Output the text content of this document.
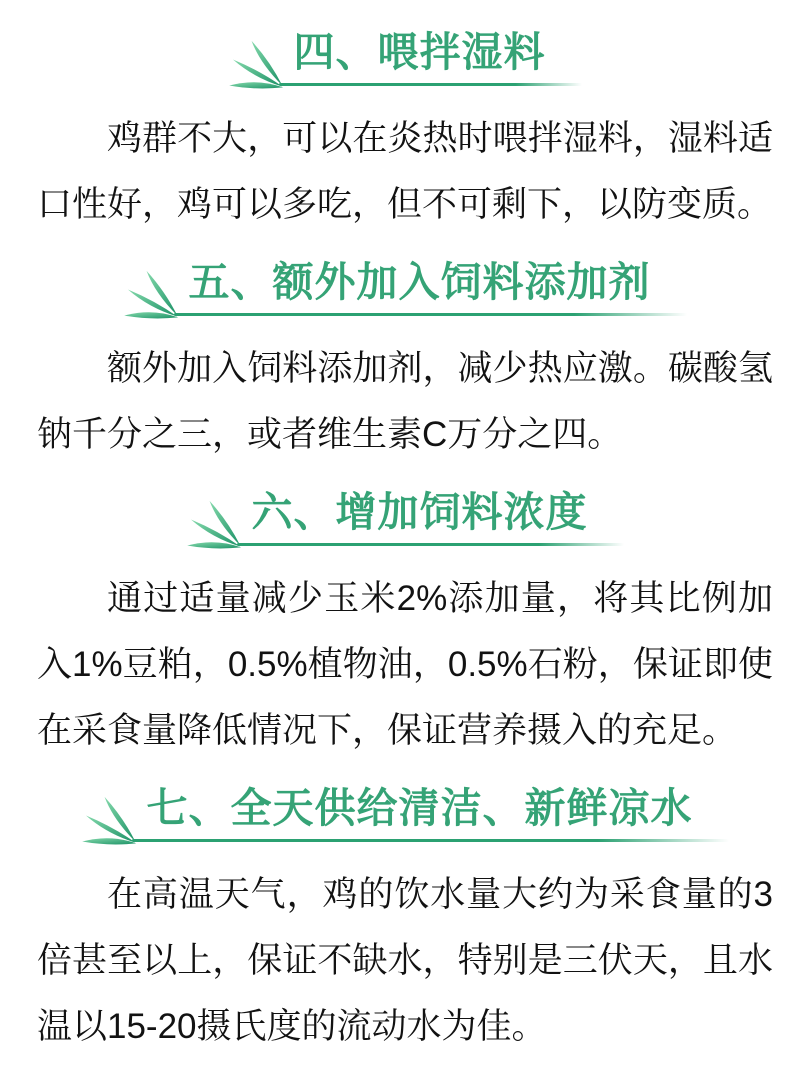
四、喂拌湿料

鸡群不大，可以在炎热时喂拌湿料，湿料适口性好，鸡可以多吃，但不可剩下，以防变质。

五、额外加入饲料添加剂

额外加入饲料添加剂，减少热应激。碳酸氢钠千分之三，或者维生素C万分之四。

六、增加饲料浓度

通过适量减少玉米2%添加量，将其比例加入1%豆粕，0.5%植物油，0.5%石粉，保证即使在采食量降低情况下，保证营养摄入的充足。

七、全天供给清洁、新鲜凉水

在高温天气，鸡的饮水量大约为采食量的3倍甚至以上，保证不缺水，特别是三伏天，且水温以15-20摄氏度的流动水为佳。
